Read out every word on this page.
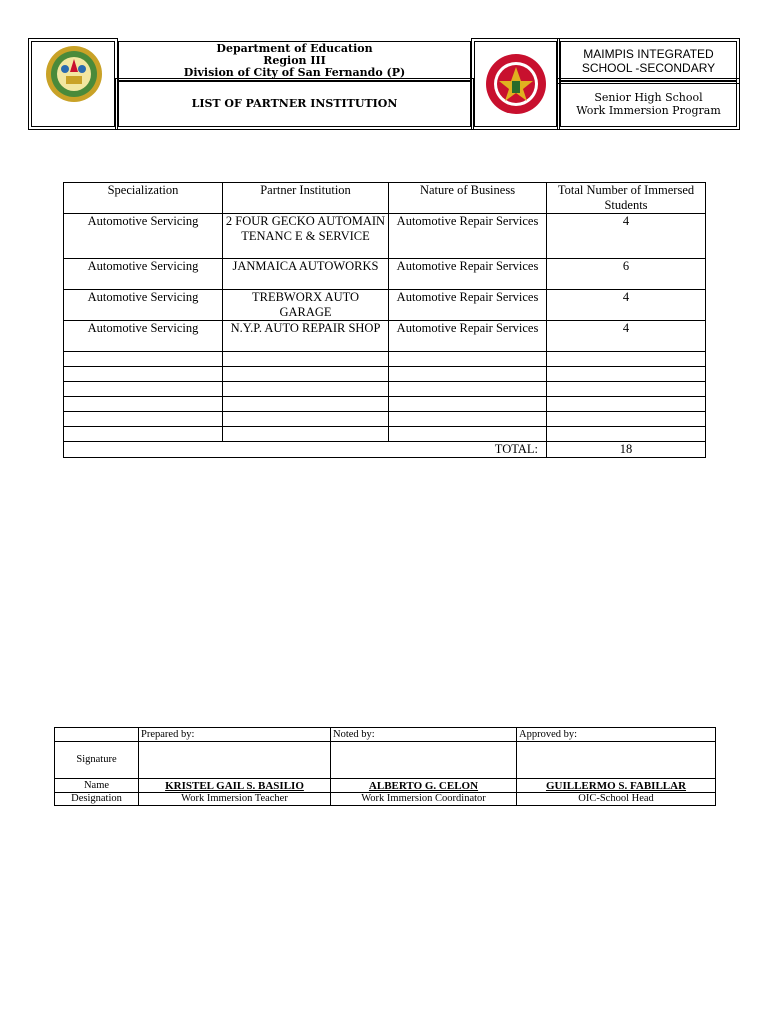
Department of Education
Region III
Division of City of San Fernando (P)
LIST OF PARTNER INSTITUTION
MAIMPIS INTEGRATED
SCHOOL -SECONDARY
Senior High School
Work Immersion Program
Specialization	Partner Institution	Nature of Business	Total Number of Immersed Students
Automotive Servicing	2 FOUR GECKO AUTOMAINTENANC E & SERVICE	Automotive Repair Services	4
Automotive Servicing	JANMAICA AUTOWORKS	Automotive Repair Services	6
Automotive Servicing	TREBWORX AUTO GARAGE	Automotive Repair Services	4
Automotive Servicing	N.Y.P. AUTO REPAIR SHOP	Automotive Repair Services	4

TOTAL:			18
	Prepared by:	Noted by:	Approved by:
Signature			
Name	KRISTEL GAIL S. BASILIO	ALBERTO G. CELON	GUILLERMO S. FABILLAR
Designation	Work Immersion Teacher	Work Immersion Coordinator	OIC-School Head
